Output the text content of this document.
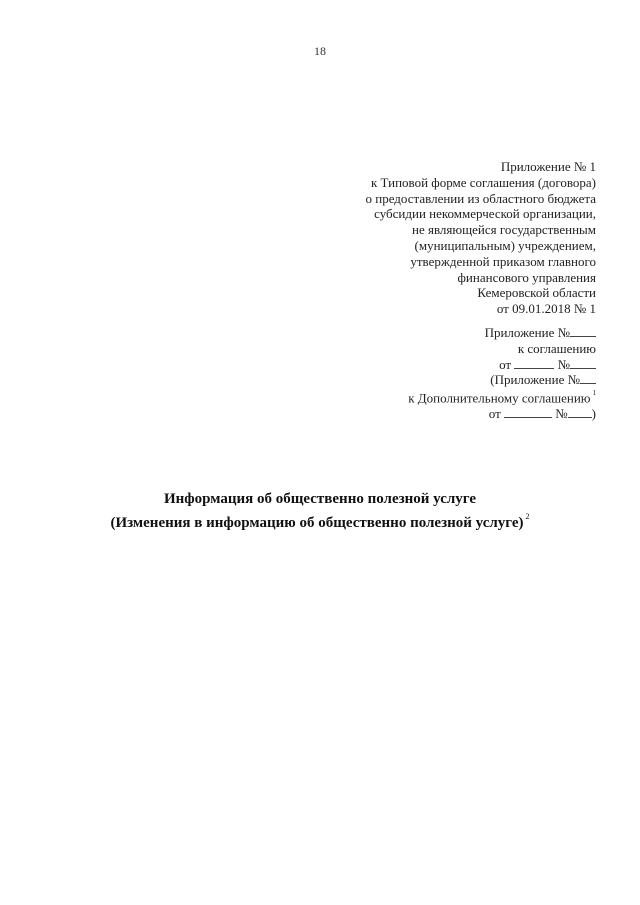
18
Приложение № 1
к Типовой форме соглашения (договора)
о предоставлении из областного бюджета
субсидии некоммерческой организации,
не являющейся государственным
(муниципальным) учреждением,
утвержденной приказом главного
финансового управления
Кемеровской области
от 09.01.2018 № 1
Приложение №
к соглашению
от	№
(Приложение №
к Дополнительному соглашению $^1$
от	№ )
Информация об общественно полезной услуге
(Изменения в информацию об общественно полезной услуге) $^2$
